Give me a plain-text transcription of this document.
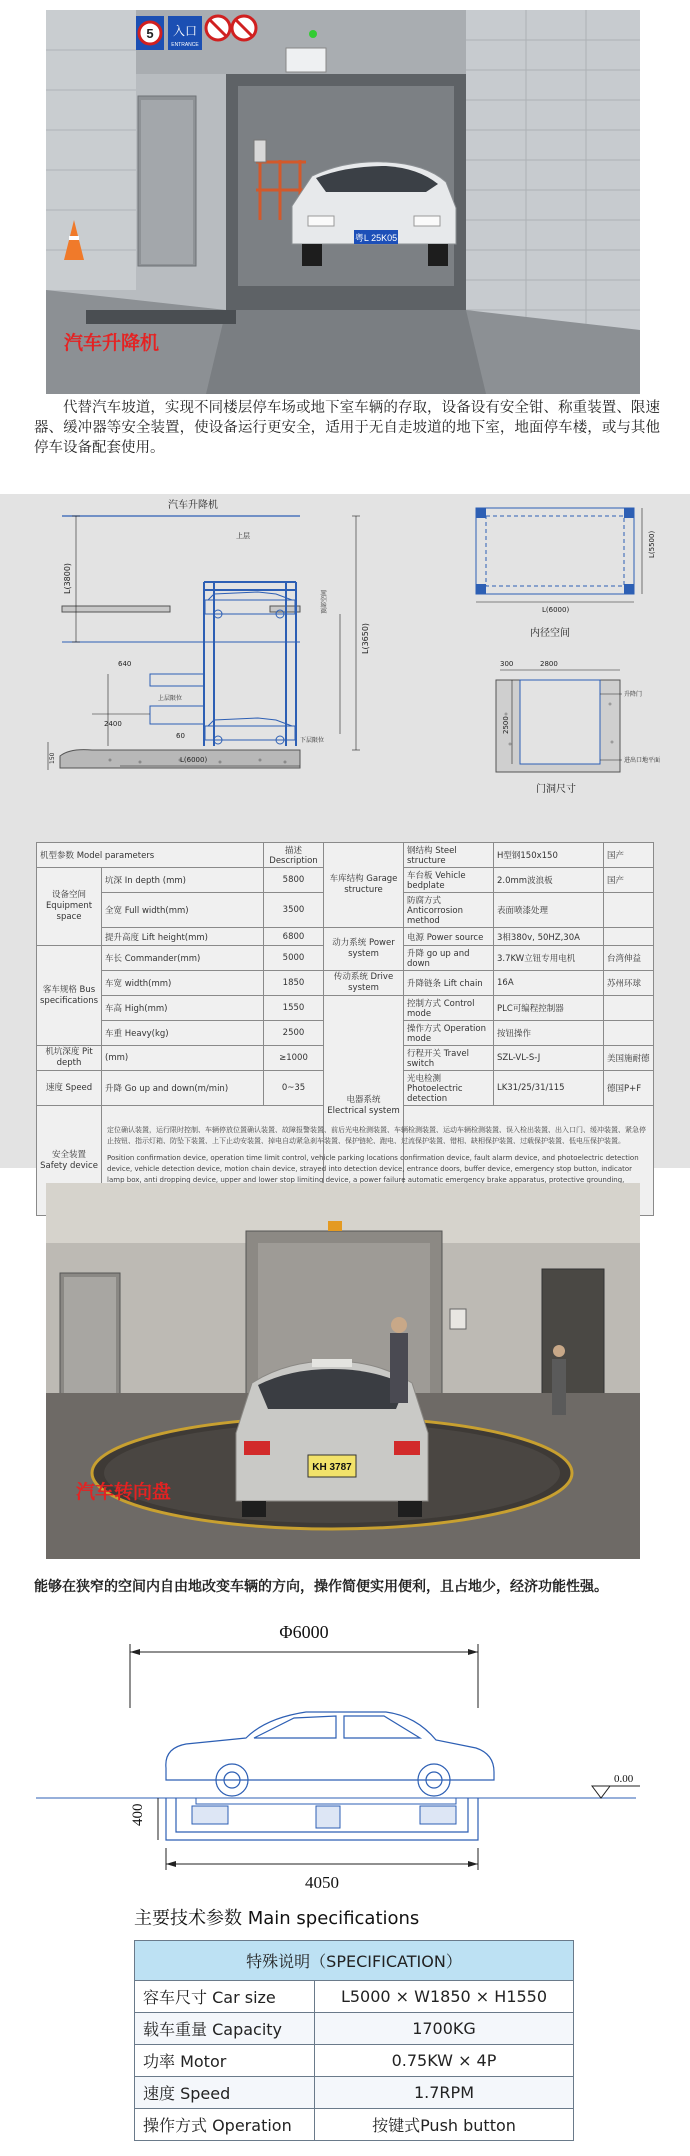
粤L 25K05
5 入口
ENTRANCE
汽车升降机
代替汽车坡道，实现不同楼层停车场或地下室车辆的存取，设备设有安全钳、称重装置、限速器、缓冲器等安全装置，使设备运行更安全，适用于无自走坡道的地下室，地面停车楼，或与其他停车设备配套使用。
汽车升降机
L(3800)
L(3650)
640
2400
L(6000)
60
150
上层
上层限位
下层限位
顶部空间	L(6000)
L(5500)
内径空间
300	2800
2500
升降门
进出口地平面
门洞尺寸
机型参数 Model parameters		描述 Description	车库结构 Garage structure	钢结构 Steel structure	H型钢150x150	国产
设备空间 Equipment space	坑深 In depth (mm)	5800		车台板 Vehicle bedplate	2.0mm波浪板	国产
	全宽 Full width(mm)	3500		防腐方式 Anticorrosion method	表面喷漆处理	
	提升高度 Lift height(mm)	6800	动力系统 Power system	电源 Power source	3相380v, 50HZ,30A	
客车规格 Bus specifications	车长 Commander(mm)	5000		升降 go up and down	3.7KW立钮专用电机	台湾伸益
	车宽 width(mm)	1850	传动系统 Drive system	升降链条 Lift chain	16A	苏州环球
	车高 High(mm)	1550	电器系统 Electrical system	控制方式 Control mode	PLC可编程控制器	
	车重 Heavy(kg)	2500		操作方式 Operation mode	按钮操作	
机坑深度 Pit depth	(mm)	≥1000		行程开关 Travel switch	SZL-VL-S-J	美国施耐德
速度 Speed	升降 Go up and down(m/min)	0~35		光电检测 Photoelectric detection	LK31/25/31/115	德国P+F
安全装置 Safety device	定位确认装置，运行限时控制、车辆停放位置确认装置、故障报警装置、前后光电检测装置、车辆检测装置、运动车辆检测装置、误入检出装置、出入口门、缓冲装置、紧急停止按钮、指示灯箱、防坠下装置、上下止动安装置、掉电自动紧急刹车装置、保护链轮、跑电、过流保护装置、错相、缺相保护装置、过载保护装置、低电压保护装置。
Position confirmation device, operation time limit control, vehicle parking locations confirmation device, fault alarm device, and photoelectric detection device, vehicle detection device, motion chain device, strayed into detection device, entrance doors, buffer device, emergency stop button, indicator lamp box, anti dropping device, upper and lower stop limiting device, a power failure automatic emergency brake apparatus, protective grounding,					
KH 3787
汽车转向盘
能够在狭窄的空间内自由地改变车辆的方向，操作简便实用便利，且占地少，经济功能性强。
Φ6000
400
4050
0.00
主要技术参数 Main specifications
特殊说明（SPECIFICATION）	
容车尺寸 Car size	L5000 × W1850 × H1550
载车重量 Capacity	1700KG
功率 Motor	0.75KW × 4P
速度 Speed	1.7RPM
操作方式 Operation	按键式Push button
